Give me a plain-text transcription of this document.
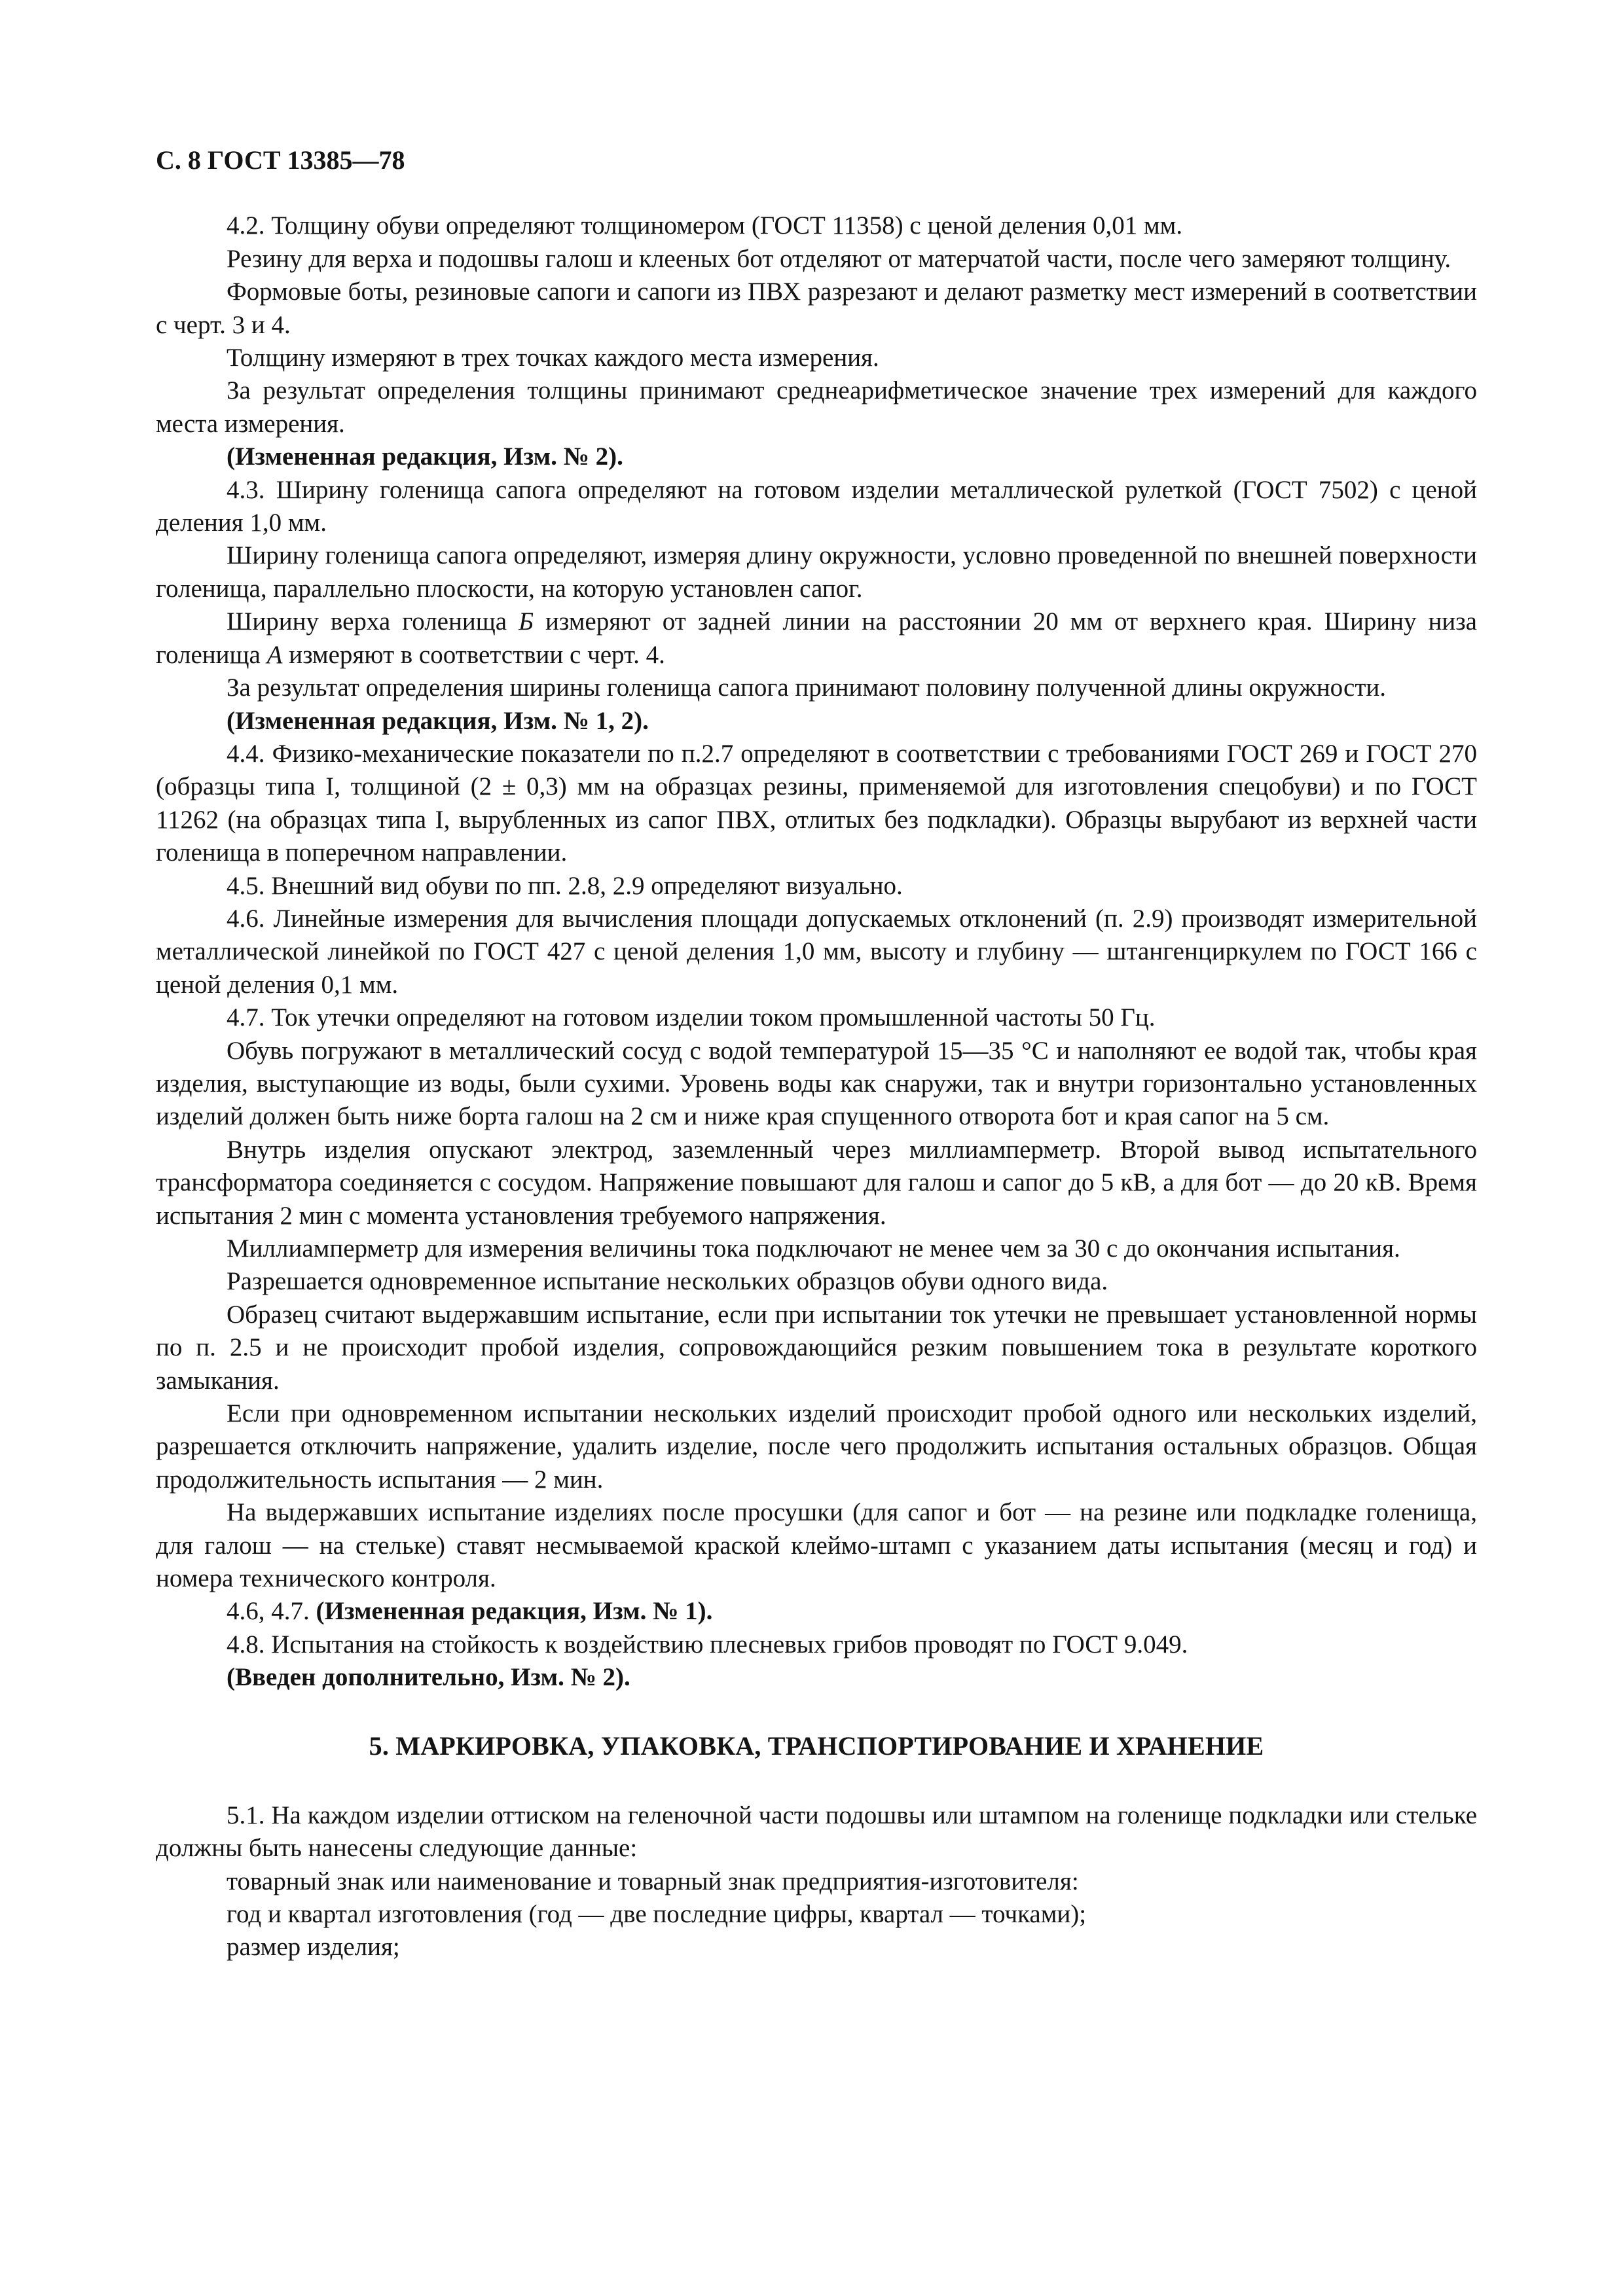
С. 8 ГОСТ 13385—78

4.2. Толщину обуви определяют толщиномером (ГОСТ 11358) с ценой деления 0,01 мм.

Резину для верха и подошвы галош и клееных бот отделяют от матерчатой части, после чего замеряют толщину.

Формовые боты, резиновые сапоги и сапоги из ПВХ разрезают и делают разметку мест измерений в соответствии с черт. 3 и 4.

Толщину измеряют в трех точках каждого места измерения.

За результат определения толщины принимают среднеарифметическое значение трех измерений для каждого места измерения.

(Измененная редакция, Изм. № 2).

4.3. Ширину голенища сапога определяют на готовом изделии металлической рулеткой (ГОСТ 7502) с ценой деления 1,0 мм.

Ширину голенища сапога определяют, измеряя длину окружности, условно проведенной по внешней поверхности голенища, параллельно плоскости, на которую установлен сапог.

Ширину верха голенища Б измеряют от задней линии на расстоянии 20 мм от верхнего края. Ширину низа голенища А измеряют в соответствии с черт. 4.

За результат определения ширины голенища сапога принимают половину полученной длины окружности.

(Измененная редакция, Изм. № 1, 2).

4.4. Физико-механические показатели по п.2.7 определяют в соответствии с требованиями ГОСТ 269 и ГОСТ 270 (образцы типа I, толщиной (2 ± 0,3) мм на образцах резины, применяемой для изготовления спецобуви) и по ГОСТ 11262 (на образцах типа I, вырубленных из сапог ПВХ, отлитых без подкладки). Образцы вырубают из верхней части голенища в поперечном направлении.

4.5. Внешний вид обуви по пп. 2.8, 2.9 определяют визуально.

4.6. Линейные измерения для вычисления площади допускаемых отклонений (п. 2.9) производят измерительной металлической линейкой по ГОСТ 427 с ценой деления 1,0 мм, высоту и глубину — штангенциркулем по ГОСТ 166 с ценой деления 0,1 мм.

4.7. Ток утечки определяют на готовом изделии током промышленной частоты 50 Гц.

Обувь погружают в металлический сосуд с водой температурой 15—35 °С и наполняют ее водой так, чтобы края изделия, выступающие из воды, были сухими. Уровень воды как снаружи, так и внутри горизонтально установленных изделий должен быть ниже борта галош на 2 см и ниже края спущенного отворота бот и края сапог на 5 см.

Внутрь изделия опускают электрод, заземленный через миллиамперметр. Второй вывод испытательного трансформатора соединяется с сосудом. Напряжение повышают для галош и сапог до 5 кВ, а для бот — до 20 кВ. Время испытания 2 мин с момента установления требуемого напряжения.

Миллиамперметр для измерения величины тока подключают не менее чем за 30 с до окончания испытания.

Разрешается одновременное испытание нескольких образцов обуви одного вида.

Образец считают выдержавшим испытание, если при испытании ток утечки не превышает установленной нормы по п. 2.5 и не происходит пробой изделия, сопровождающийся резким повышением тока в результате короткого замыкания.

Если при одновременном испытании нескольких изделий происходит пробой одного или нескольких изделий, разрешается отключить напряжение, удалить изделие, после чего продолжить испытания остальных образцов. Общая продолжительность испытания — 2 мин.

На выдержавших испытание изделиях после просушки (для сапог и бот — на резине или подкладке голенища, для галош — на стельке) ставят несмываемой краской клеймо-штамп с указанием даты испытания (месяц и год) и номера технического контроля.

4.6, 4.7. (Измененная редакция, Изм. № 1).

4.8. Испытания на стойкость к воздействию плесневых грибов проводят по ГОСТ 9.049.

(Введен дополнительно, Изм. № 2).

5. МАРКИРОВКА, УПАКОВКА, ТРАНСПОРТИРОВАНИЕ И ХРАНЕНИЕ

5.1. На каждом изделии оттиском на геленочной части подошвы или штампом на голенище подкладки или стельке должны быть нанесены следующие данные:

товарный знак или наименование и товарный знак предприятия-изготовителя:

год и квартал изготовления (год — две последние цифры, квартал — точками);

размер изделия;
